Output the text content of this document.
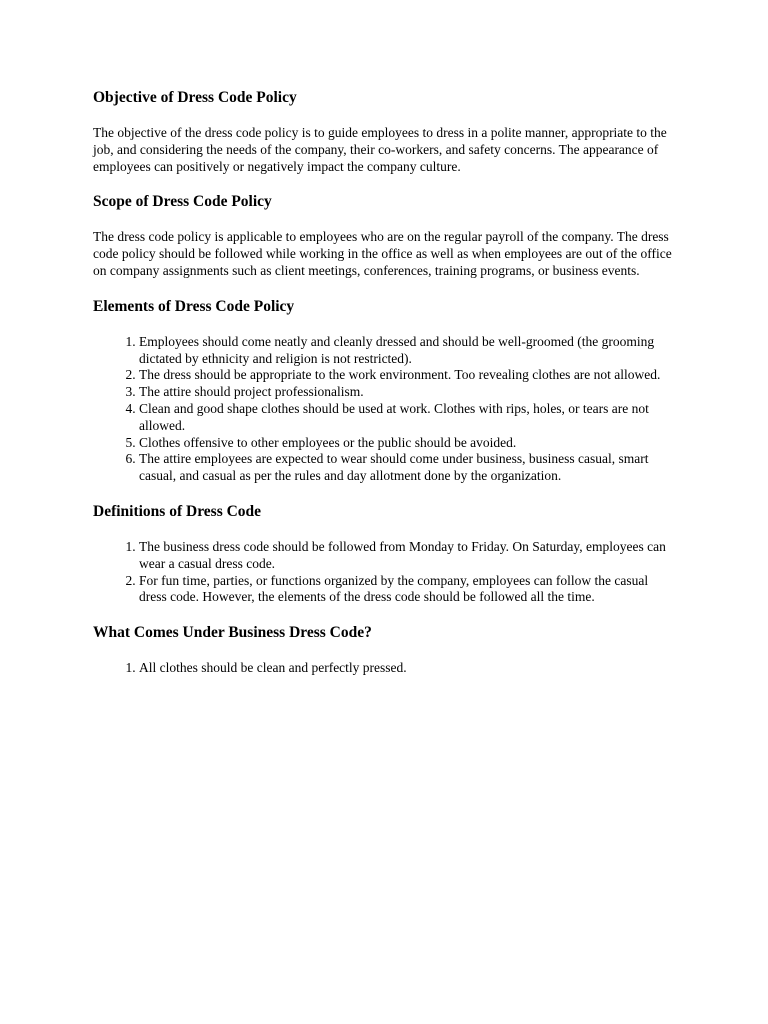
Objective of Dress Code Policy

The objective of the dress code policy is to guide employees to dress in a polite manner, appropriate to the job, and considering the needs of the company, their co-workers, and safety concerns. The appearance of employees can positively or negatively impact the company culture.

Scope of Dress Code Policy

The dress code policy is applicable to employees who are on the regular payroll of the company. The dress code policy should be followed while working in the office as well as when employees are out of the office on company assignments such as client meetings, conferences, training programs, or business events.

Elements of Dress Code Policy
1. Employees should come neatly and cleanly dressed and should be well-groomed (the grooming dictated by ethnicity and religion is not restricted).
2. The dress should be appropriate to the work environment. Too revealing clothes are not allowed.
3. The attire should project professionalism.
4. Clean and good shape clothes should be used at work. Clothes with rips, holes, or tears are not allowed.
5. Clothes offensive to other employees or the public should be avoided.
6. The attire employees are expected to wear should come under business, business casual, smart casual, and casual as per the rules and day allotment done by the organization.
Definitions of Dress Code
1. The business dress code should be followed from Monday to Friday. On Saturday, employees can wear a casual dress code.
2. For fun time, parties, or functions organized by the company, employees can follow the casual dress code. However, the elements of the dress code should be followed all the time.
What Comes Under Business Dress Code?
1. All clothes should be clean and perfectly pressed.
